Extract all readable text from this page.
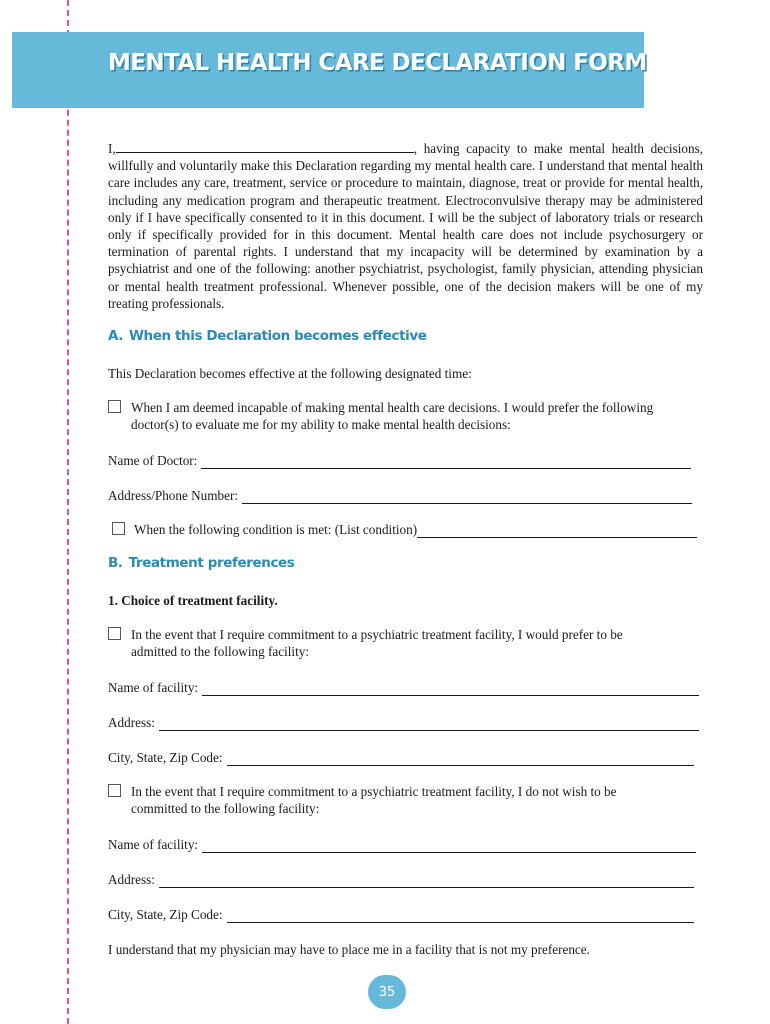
MENTAL HEALTH CARE DECLARATION FORM

I,	, having capacity to make mental health decisions, willfully and voluntarily make this Declaration regarding my mental health care. I understand that mental health care includes any care, treatment, service or procedure to maintain, diagnose, treat or provide for mental health, including any medication program and therapeutic treatment. Electroconvulsive therapy may be administered only if I have specifically consented to it in this document. I will be the subject of laboratory trials or research only if specifically provided for in this document. Mental health care does not include psychosurgery or termination of parental rights. I understand that my incapacity will be determined by examination by a psychiatrist and one of the following: another psychiatrist, psychologist, family physician, attending physician or mental health treatment professional. Whenever possible, one of the decision makers will be one of my treating professionals.

A. When this Declaration becomes effective

This Declaration becomes effective at the following designated time:

When I am deemed incapable of making mental health care decisions. I would prefer the following
doctor(s) to evaluate me for my ability to make mental health decisions:
Name of Doctor:
Address/Phone Number:
When the following condition is met: (List condition)

B. Treatment preferences

1. Choice of treatment facility.

In the event that I require commitment to a psychiatric treatment facility, I would prefer to be
admitted to the following facility:
Name of facility:
Address:
City, State, Zip Code:
In the event that I require commitment to a psychiatric treatment facility, I do not wish to be
committed to the following facility:
Name of facility:
Address:
City, State, Zip Code:

I understand that my physician may have to place me in a facility that is not my preference.

35
